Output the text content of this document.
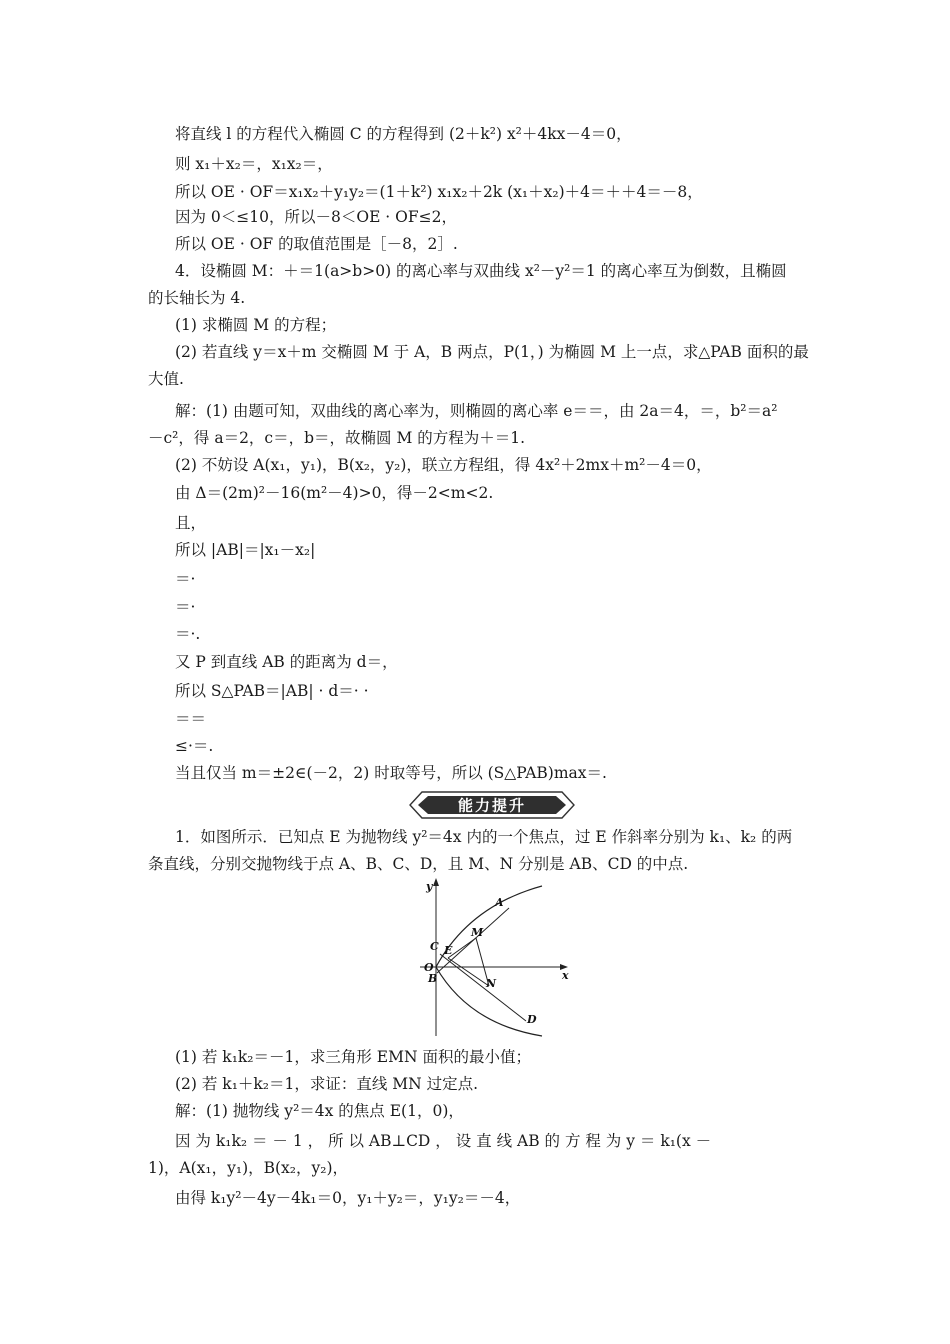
将直线 l 的方程代入椭圆 C 的方程得到 (2＋k²) x²＋4kx－4＝0，
则 x₁＋x₂＝，x₁x₂＝，
所以 OE · OF＝x₁x₂＋y₁y₂＝(1＋k²) x₁x₂＋2k (x₁＋x₂)＋4＝＋＋4＝－8，
因为 0＜≤10，所以－8＜OE · OF≤2，
所以 OE · OF 的取值范围是［－8，2］.
4．设椭圆 M：＋＝1(a>b>0) 的离心率与双曲线 x²－y²＝1 的离心率互为倒数，且椭圆
的长轴长为 4.
(1) 求椭圆 M 的方程；
(2) 若直线 y＝x＋m 交椭圆 M 于 A，B 两点，P(1，) 为椭圆 M 上一点，求△PAB 面积的最
大值.
解：(1) 由题可知，双曲线的离心率为，则椭圆的离心率 e＝＝，由 2a＝4，＝，b²＝a²
－c²，得 a＝2，c＝，b＝，故椭圆 M 的方程为＋＝1.
(2) 不妨设 A(x₁，y₁)，B(x₂，y₂)，联立方程组，得 4x²＋2mx＋m²－4＝0，
由 Δ＝(2m)²－16(m²－4)>0，得－2<m<2.
且，
所以 |AB|＝|x₁－x₂|
＝·
＝·
＝·.
又 P 到直线 AB 的距离为 d＝，
所以 S△PAB＝|AB| · d＝· ·
＝＝
≤·＝.
当且仅当 m＝±2∈(－2，2) 时取等号，所以 (S△PAB)max＝.
能力提升
1．如图所示．已知点 E 为抛物线 y²＝4x 内的一个焦点，过 E 作斜率分别为 k₁、k₂ 的两
条直线，分别交抛物线于点 A、B、C、D，且 M、N 分别是 AB、CD 的中点.
y
x
A
M
C E
O
B	N
D
(1) 若 k₁k₂＝－1，求三角形 EMN 面积的最小值；
(2) 若 k₁＋k₂＝1，求证：直线 MN 过定点.
解：(1) 抛物线 y²＝4x 的焦点 E(1，0)，
因 为 k₁k₂ ＝ － 1 ， 所 以 AB⊥CD ， 设 直 线 AB 的 方 程 为 y ＝ k₁(x －
1)，A(x₁，y₁)，B(x₂，y₂)，
由得 k₁y²－4y－4k₁＝0，y₁＋y₂＝，y₁y₂＝－4，
